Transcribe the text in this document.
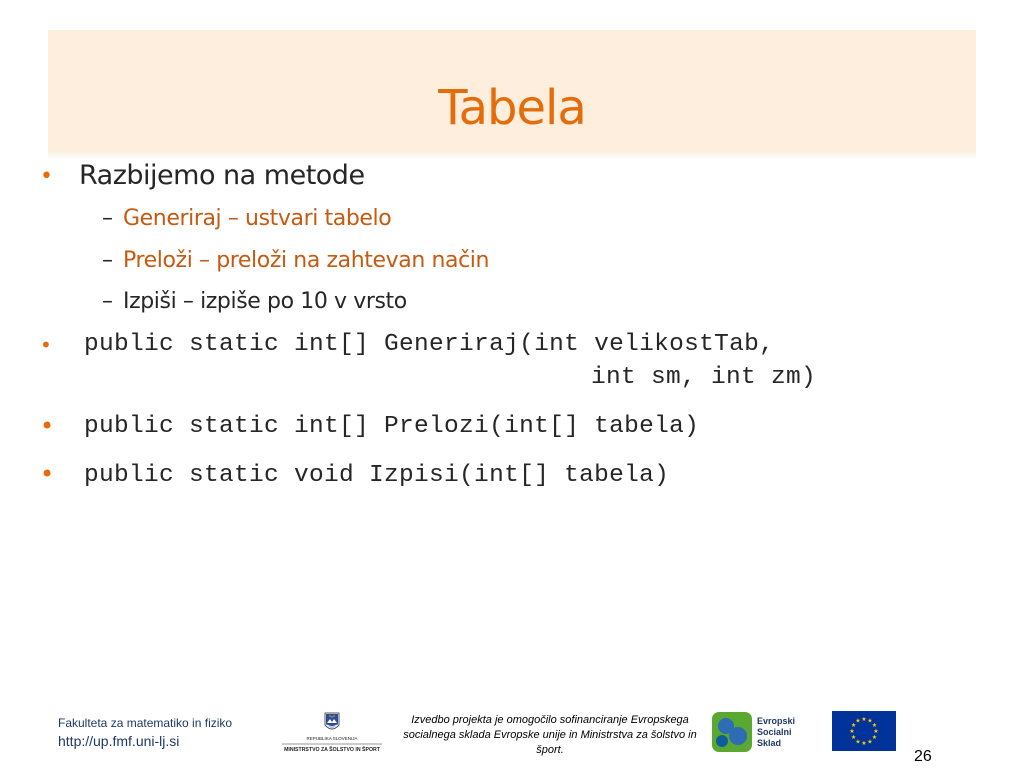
Tabela
• Razbijemo na metode
– Generiraj – ustvari tabelo
– Preloži – preloži na zahtevan način
– Izpiši – izpiše po 10 v vrsto
•	public static int[] Generiraj(int velikostTab,
int sm, int zm)
• public static int[] Prelozi(int[] tabela)
• public static void Izpisi(int[] tabela)
Fakulteta za matematiko in fiziko
http://up.fmf.uni-lj.si	REPUBLIKA SLOVENIJA
MINISTRSTVO ZA ŠOLSTVO IN ŠPORT
Izvedbo projekta je omogočilo sofinanciranje Evropskega socialnega sklada Evropske unije in Ministrstva za šolstvo in šport.
Evropski
Socialni
Sklad
★ ★
★
★
★
★
★
★
★
★
★
★
26
